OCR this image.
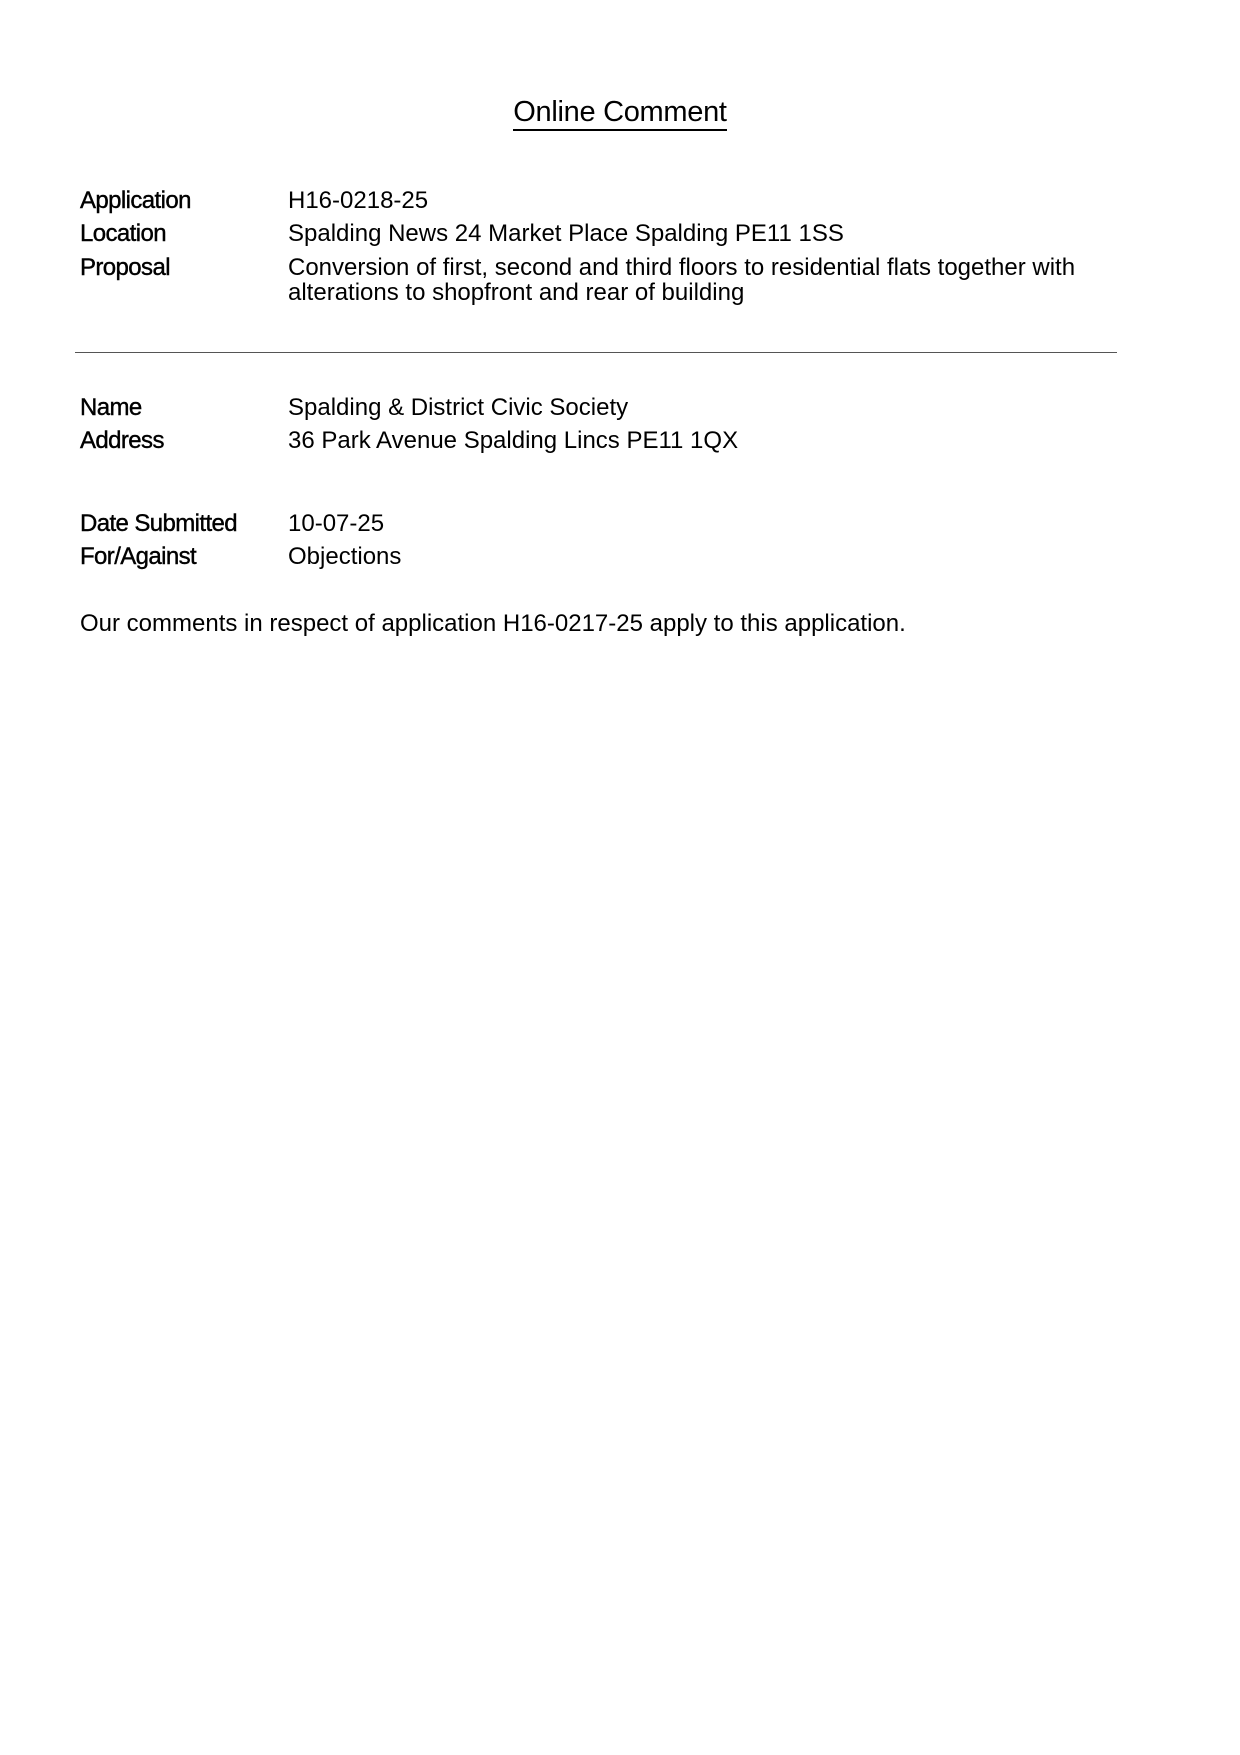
Online Comment
Application	H16-0218-25
Location	Spalding News 24 Market Place Spalding PE11 1SS
Proposal	Conversion of first, second and third floors to residential flats together with alterations to shopfront and rear of building
Name	Spalding & District Civic Society
Address	36 Park Avenue Spalding Lincs PE11 1QX
Date Submitted 10-07-25
For/Against	Objections
Our comments in respect of application H16-0217-25 apply to this application.
